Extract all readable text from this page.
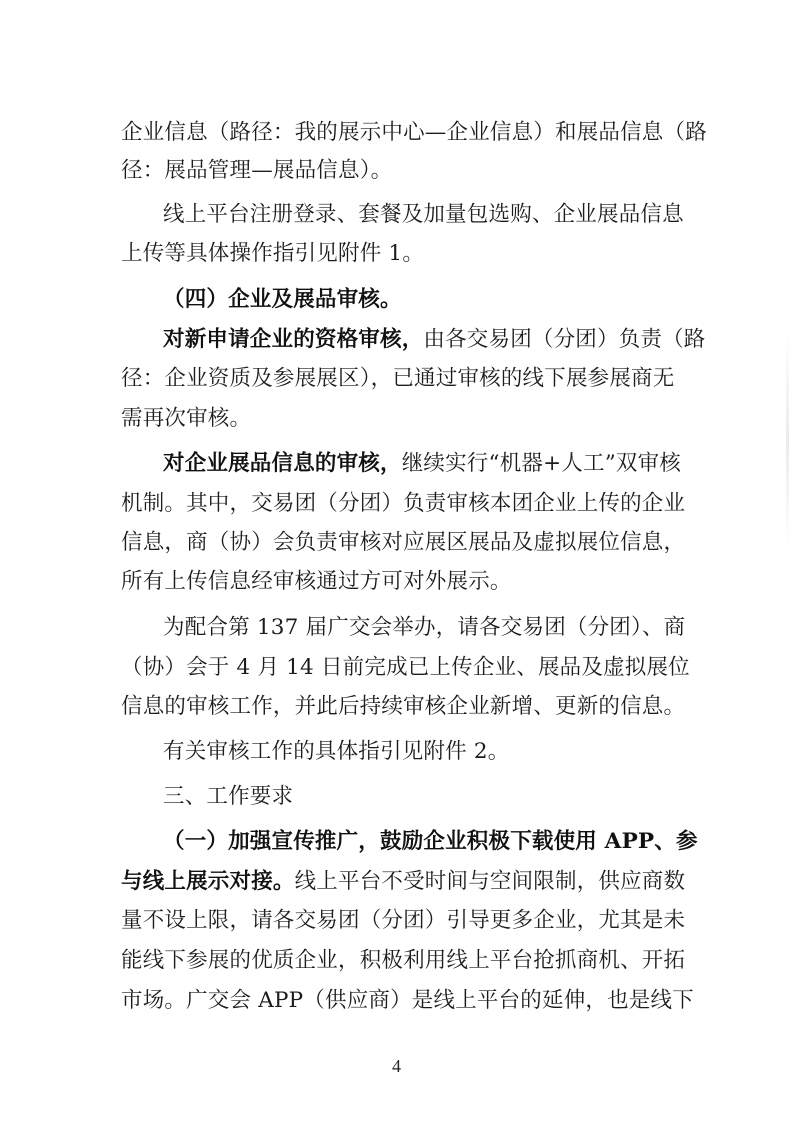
企业信息（路径：我的展示中心—企业信息）和展品信息（路
径：展品管理—展品信息）。
线上平台注册登录、套餐及加量包选购、企业展品信息
上传等具体操作指引见附件 1。
（四）企业及展品审核。
对新申请企业的资格审核，由各交易团（分团）负责（路
径：企业资质及参展展区），已通过审核的线下展参展商无
需再次审核。
对企业展品信息的审核，继续实行“机器+人工”双审核
机制。其中，交易团（分团）负责审核本团企业上传的企业
信息，商（协）会负责审核对应展区展品及虚拟展位信息，
所有上传信息经审核通过方可对外展示。
为配合第 137 届广交会举办，请各交易团（分团）、商
（协）会于 4 月 14 日前完成已上传企业、展品及虚拟展位
信息的审核工作，并此后持续审核企业新增、更新的信息。
有关审核工作的具体指引见附件 2。
三、工作要求
（一）加强宣传推广，鼓励企业积极下载使用 APP、参
与线上展示对接。线上平台不受时间与空间限制，供应商数
量不设上限，请各交易团（分团）引导更多企业，尤其是未
能线下参展的优质企业，积极利用线上平台抢抓商机、开拓
市场。广交会 APP（供应商）是线上平台的延伸，也是线下
4
